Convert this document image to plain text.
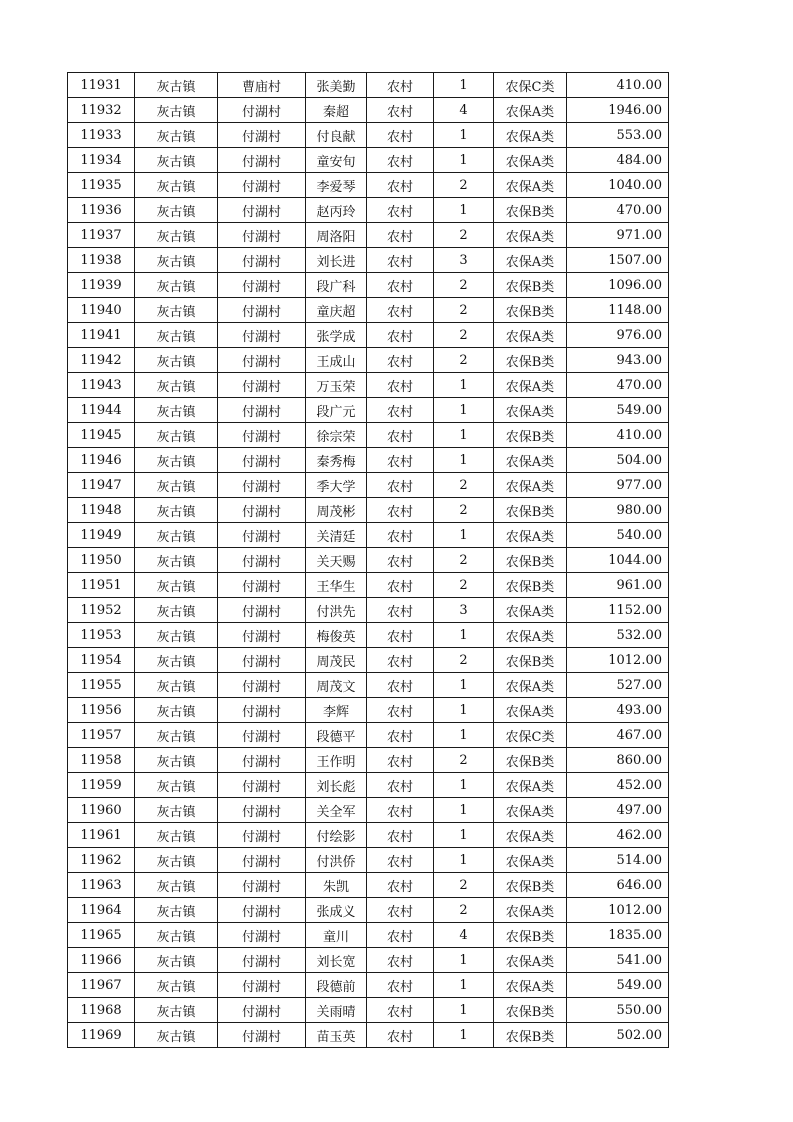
11931	灰古镇	曹庙村	张美勤	农村	1	农保C类	410.00
11932	灰古镇	付湖村	秦超	农村	4	农保A类	1946.00
11933	灰古镇	付湖村	付良献	农村	1	农保A类	553.00
11934	灰古镇	付湖村	童安旬	农村	1	农保A类	484.00
11935	灰古镇	付湖村	李爱琴	农村	2	农保A类	1040.00
11936	灰古镇	付湖村	赵丙玲	农村	1	农保B类	470.00
11937	灰古镇	付湖村	周洛阳	农村	2	农保A类	971.00
11938	灰古镇	付湖村	刘长进	农村	3	农保A类	1507.00
11939	灰古镇	付湖村	段广科	农村	2	农保B类	1096.00
11940	灰古镇	付湖村	童庆超	农村	2	农保B类	1148.00
11941	灰古镇	付湖村	张学成	农村	2	农保A类	976.00
11942	灰古镇	付湖村	王成山	农村	2	农保B类	943.00
11943	灰古镇	付湖村	万玉荣	农村	1	农保A类	470.00
11944	灰古镇	付湖村	段广元	农村	1	农保A类	549.00
11945	灰古镇	付湖村	徐宗荣	农村	1	农保B类	410.00
11946	灰古镇	付湖村	秦秀梅	农村	1	农保A类	504.00
11947	灰古镇	付湖村	季大学	农村	2	农保A类	977.00
11948	灰古镇	付湖村	周茂彬	农村	2	农保B类	980.00
11949	灰古镇	付湖村	关清廷	农村	1	农保A类	540.00
11950	灰古镇	付湖村	关天赐	农村	2	农保B类	1044.00
11951	灰古镇	付湖村	王华生	农村	2	农保B类	961.00
11952	灰古镇	付湖村	付洪先	农村	3	农保A类	1152.00
11953	灰古镇	付湖村	梅俊英	农村	1	农保A类	532.00
11954	灰古镇	付湖村	周茂民	农村	2	农保B类	1012.00
11955	灰古镇	付湖村	周茂文	农村	1	农保A类	527.00
11956	灰古镇	付湖村	李辉	农村	1	农保A类	493.00
11957	灰古镇	付湖村	段德平	农村	1	农保C类	467.00
11958	灰古镇	付湖村	王作明	农村	2	农保B类	860.00
11959	灰古镇	付湖村	刘长彪	农村	1	农保A类	452.00
11960	灰古镇	付湖村	关全军	农村	1	农保A类	497.00
11961	灰古镇	付湖村	付绘影	农村	1	农保A类	462.00
11962	灰古镇	付湖村	付洪侨	农村	1	农保A类	514.00
11963	灰古镇	付湖村	朱凯	农村	2	农保B类	646.00
11964	灰古镇	付湖村	张成义	农村	2	农保A类	1012.00
11965	灰古镇	付湖村	童川	农村	4	农保B类	1835.00
11966	灰古镇	付湖村	刘长宽	农村	1	农保A类	541.00
11967	灰古镇	付湖村	段德前	农村	1	农保A类	549.00
11968	灰古镇	付湖村	关雨晴	农村	1	农保B类	550.00
11969	灰古镇	付湖村	苗玉英	农村	1	农保B类	502.00
